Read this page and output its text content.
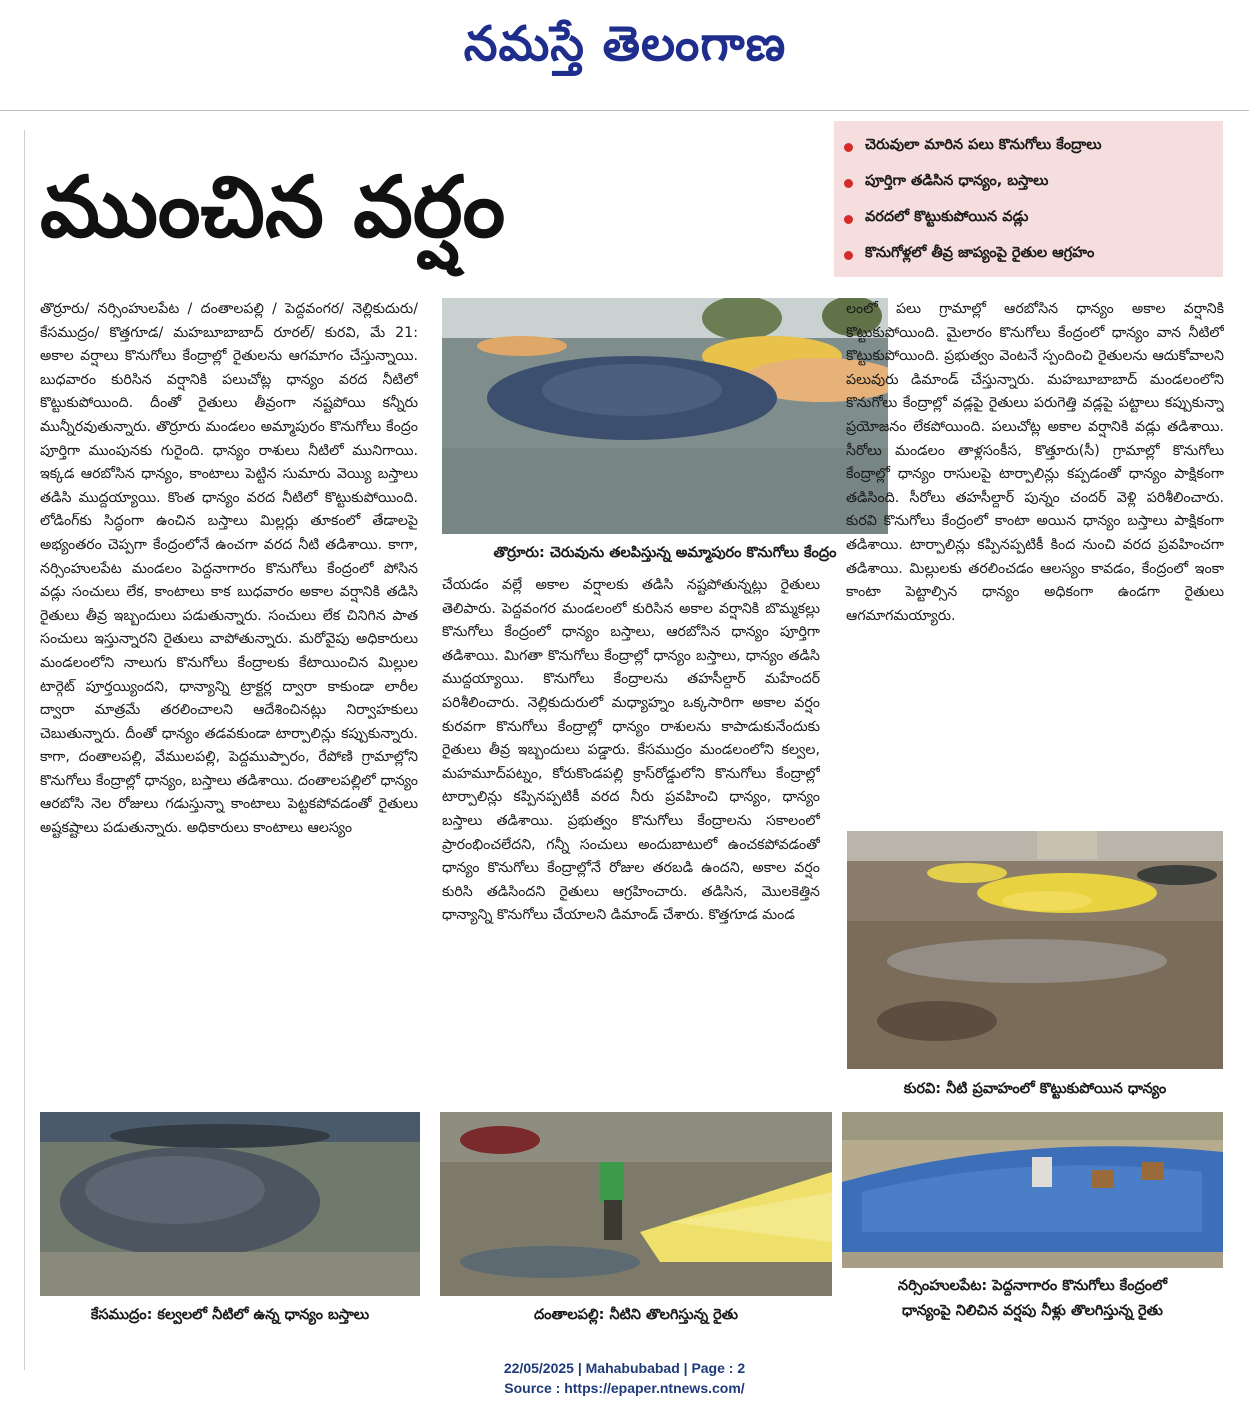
నమస్తే తెలంగాణ
ముంచిన వర్షం
చెరువులా మారిన పలు కొనుగోలు కేంద్రాలు
పూర్తిగా తడిసిన ధాన్యం, బస్తాలు
వరదలో కొట్టుకుపోయిన వడ్లు
కొనుగోళ్లలో తీవ్ర జాప్యంపై రైతుల ఆగ్రహం

తొర్రూరు/ నర్సింహులపేట / దంతాలపల్లి / పెద్దవంగర/ నెల్లికుదురు/ కేసముద్రం/ కొత్తగూడ/ మహబూబాబాద్ రూరల్/ కురవి, మే 21: అకాల వర్షాలు కొనుగోలు కేంద్రాల్లో రైతులను ఆగమాగం చేస్తున్నాయి. బుధవారం కురిసిన వర్షానికి పలుచోట్ల ధాన్యం వరద నీటిలో కొట్టుకుపోయింది. దీంతో రైతులు తీవ్రంగా నష్టపోయి కన్నీరు మున్నీరవుతున్నారు. తొర్రూరు మండలం అమ్మాపురం కొనుగోలు కేంద్రం పూర్తిగా ముంపునకు గురైంది. ధాన్యం రాశులు నీటిలో మునిగాయి. ఇక్కడ ఆరబోసిన ధాన్యం, కాంటాలు పెట్టిన సుమారు వెయ్యి బస్తాలు తడిసి ముద్దయ్యాయి. కొంత ధాన్యం వరద నీటిలో కొట్టుకుపోయింది. లోడింగ్‌కు సిద్ధంగా ఉంచిన బస్తాలు మిల్లర్లు తూకంలో తేడాలపై అభ్యంతరం చెప్పగా కేంద్రంలోనే ఉంచగా వరద నీటి తడిశాయి. కాగా, నర్సింహులపేట మండలం పెద్దనాగారం కొనుగోలు కేంద్రంలో పోసిన వడ్లు సంచులు లేక, కాంటాలు కాక బుధవారం అకాల వర్షానికి తడిసి రైతులు తీవ్ర ఇబ్బందులు పడుతున్నారు. సంచులు లేక చినిగిన పాత సంచులు ఇస్తున్నారని రైతులు వాపోతున్నారు. మరోవైపు అధికారులు మండలంలోని నాలుగు కొనుగోలు కేంద్రాలకు కేటాయించిన మిల్లుల టార్గెట్ పూర్తయ్యిందని, ధాన్యాన్ని ట్రాక్టర్ల ద్వారా కాకుండా లారీల ద్వారా మాత్రమే తరలించాలని ఆదేశించినట్లు నిర్వాహకులు చెబుతున్నారు. దీంతో ధాన్యం తడవకుండా టార్పాలిన్లు కప్పుకున్నారు. కాగా, దంతాలపల్లి, వేములపల్లి, పెద్దముప్పారం, రేపోణి గ్రామాల్లోని కొనుగోలు కేంద్రాల్లో ధాన్యం, బస్తాలు తడిశాయి. దంతాలపల్లిలో ధాన్యం ఆరబోసి నెల రోజులు గడుస్తున్నా కాంటాలు పెట్టకపోవడంతో రైతులు అష్టకష్టాలు పడుతున్నారు. అధికారులు కాంటాలు ఆలస్యం

తొర్రూరు: చెరువును తలపిస్తున్న అమ్మాపురం కొనుగోలు కేంద్రం

చేయడం వల్లే అకాల వర్షాలకు తడిసి నష్టపోతున్నట్లు రైతులు తెలిపారు. పెద్దవంగర మండలంలో కురిసిన అకాల వర్షానికి బొమ్మకల్లు కొనుగోలు కేంద్రంలో ధాన్యం బస్తాలు, ఆరబోసిన ధాన్యం పూర్తిగా తడిశాయి. మిగతా కొనుగోలు కేంద్రాల్లో ధాన్యం బస్తాలు, ధాన్యం తడిసి ముద్దయ్యాయి. కొనుగోలు కేంద్రాలను తహసీల్దార్ మహేందర్ పరిశీలించారు. నెల్లికుదురులో మధ్యాహ్నం ఒక్కసారిగా అకాల వర్షం కురవగా కొనుగోలు కేంద్రాల్లో ధాన్యం రాశులను కాపాడుకునేందుకు రైతులు తీవ్ర ఇబ్బందులు పడ్డారు. కేసముద్రం మండలంలోని కల్వల, మహమూద్‌పట్నం, కోరుకొండపల్లి క్రాస్‌రోడ్డులోని కొనుగోలు కేంద్రాల్లో టార్పాలిన్లు కప్పినప్పటికీ వరద నీరు ప్రవహించి ధాన్యం, ధాన్యం బస్తాలు తడిశాయి. ప్రభుత్వం కొనుగోలు కేంద్రాలను సకాలంలో ప్రారంభించలేదని, గన్నీ సంచులు అందుబాటులో ఉంచకపోవడంతో ధాన్యం కొనుగోలు కేంద్రాల్లోనే రోజుల తరబడి ఉందని, అకాల వర్షం కురిసి తడిసిందని రైతులు ఆగ్రహించారు. తడిసిన, మొలకెత్తిన ధాన్యాన్ని కొనుగోలు చేయాలని డిమాండ్ చేశారు. కొత్తగూడ మండ

లంలో పలు గ్రామాల్లో ఆరబోసిన ధాన్యం అకాల వర్షానికి కొట్టుకుపోయింది. మైలారం కొనుగోలు కేంద్రంలో ధాన్యం వాన నీటిలో కొట్టుకుపోయింది. ప్రభుత్వం వెంటనే స్పందించి రైతులను ఆదుకోవాలని పలువురు డిమాండ్ చేస్తున్నారు. మహబూబాబాద్ మండలంలోని కొనుగోలు కేంద్రాల్లో వడ్లపై రైతులు పరుగెత్తి వడ్లపై పట్టాలు కప్పుకున్నా ప్రయోజనం లేకపోయింది. పలుచోట్ల అకాల వర్షానికి వడ్లు తడిశాయి. సీరోలు మండలం తాళ్లసంకీస, కొత్తూరు(సీ) గ్రామాల్లో కొనుగోలు కేంద్రాల్లో ధాన్యం రాసులపై టార్పాలిన్లు కప్పడంతో ధాన్యం పాక్షికంగా తడిసింది. సీరోలు తహసీల్దార్ పున్నం చందర్ వెళ్లి పరిశీలించారు. కురవి కొనుగోలు కేంద్రంలో కాంటా అయిన ధాన్యం బస్తాలు పాక్షికంగా తడిశాయి. టార్పాలిన్లు కప్పినప్పటికీ కింద నుంచి వరద ప్రవహించగా తడిశాయి. మిల్లులకు తరలించడం ఆలస్యం కావడం, కేంద్రంలో ఇంకా కాంటా పెట్టాల్సిన ధాన్యం అధికంగా ఉండగా రైతులు ఆగమాగమయ్యారు.

కురవి: నీటి ప్రవాహంలో కొట్టుకుపోయిన ధాన్యం
కేసముద్రం: కల్వలలో నీటిలో ఉన్న ధాన్యం బస్తాలు	దంతాలపల్లి: నీటిని తొలగిస్తున్న రైతు
నర్సింహులపేట: పెద్దనాగారం కొనుగోలు కేంద్రంలో
ధాన్యంపై నిలిచిన వర్షపు నీళ్లు తొలగిస్తున్న రైతు
22/05/2025 | Mahabubabad | Page : 2
Source : https://epaper.ntnews.com/
